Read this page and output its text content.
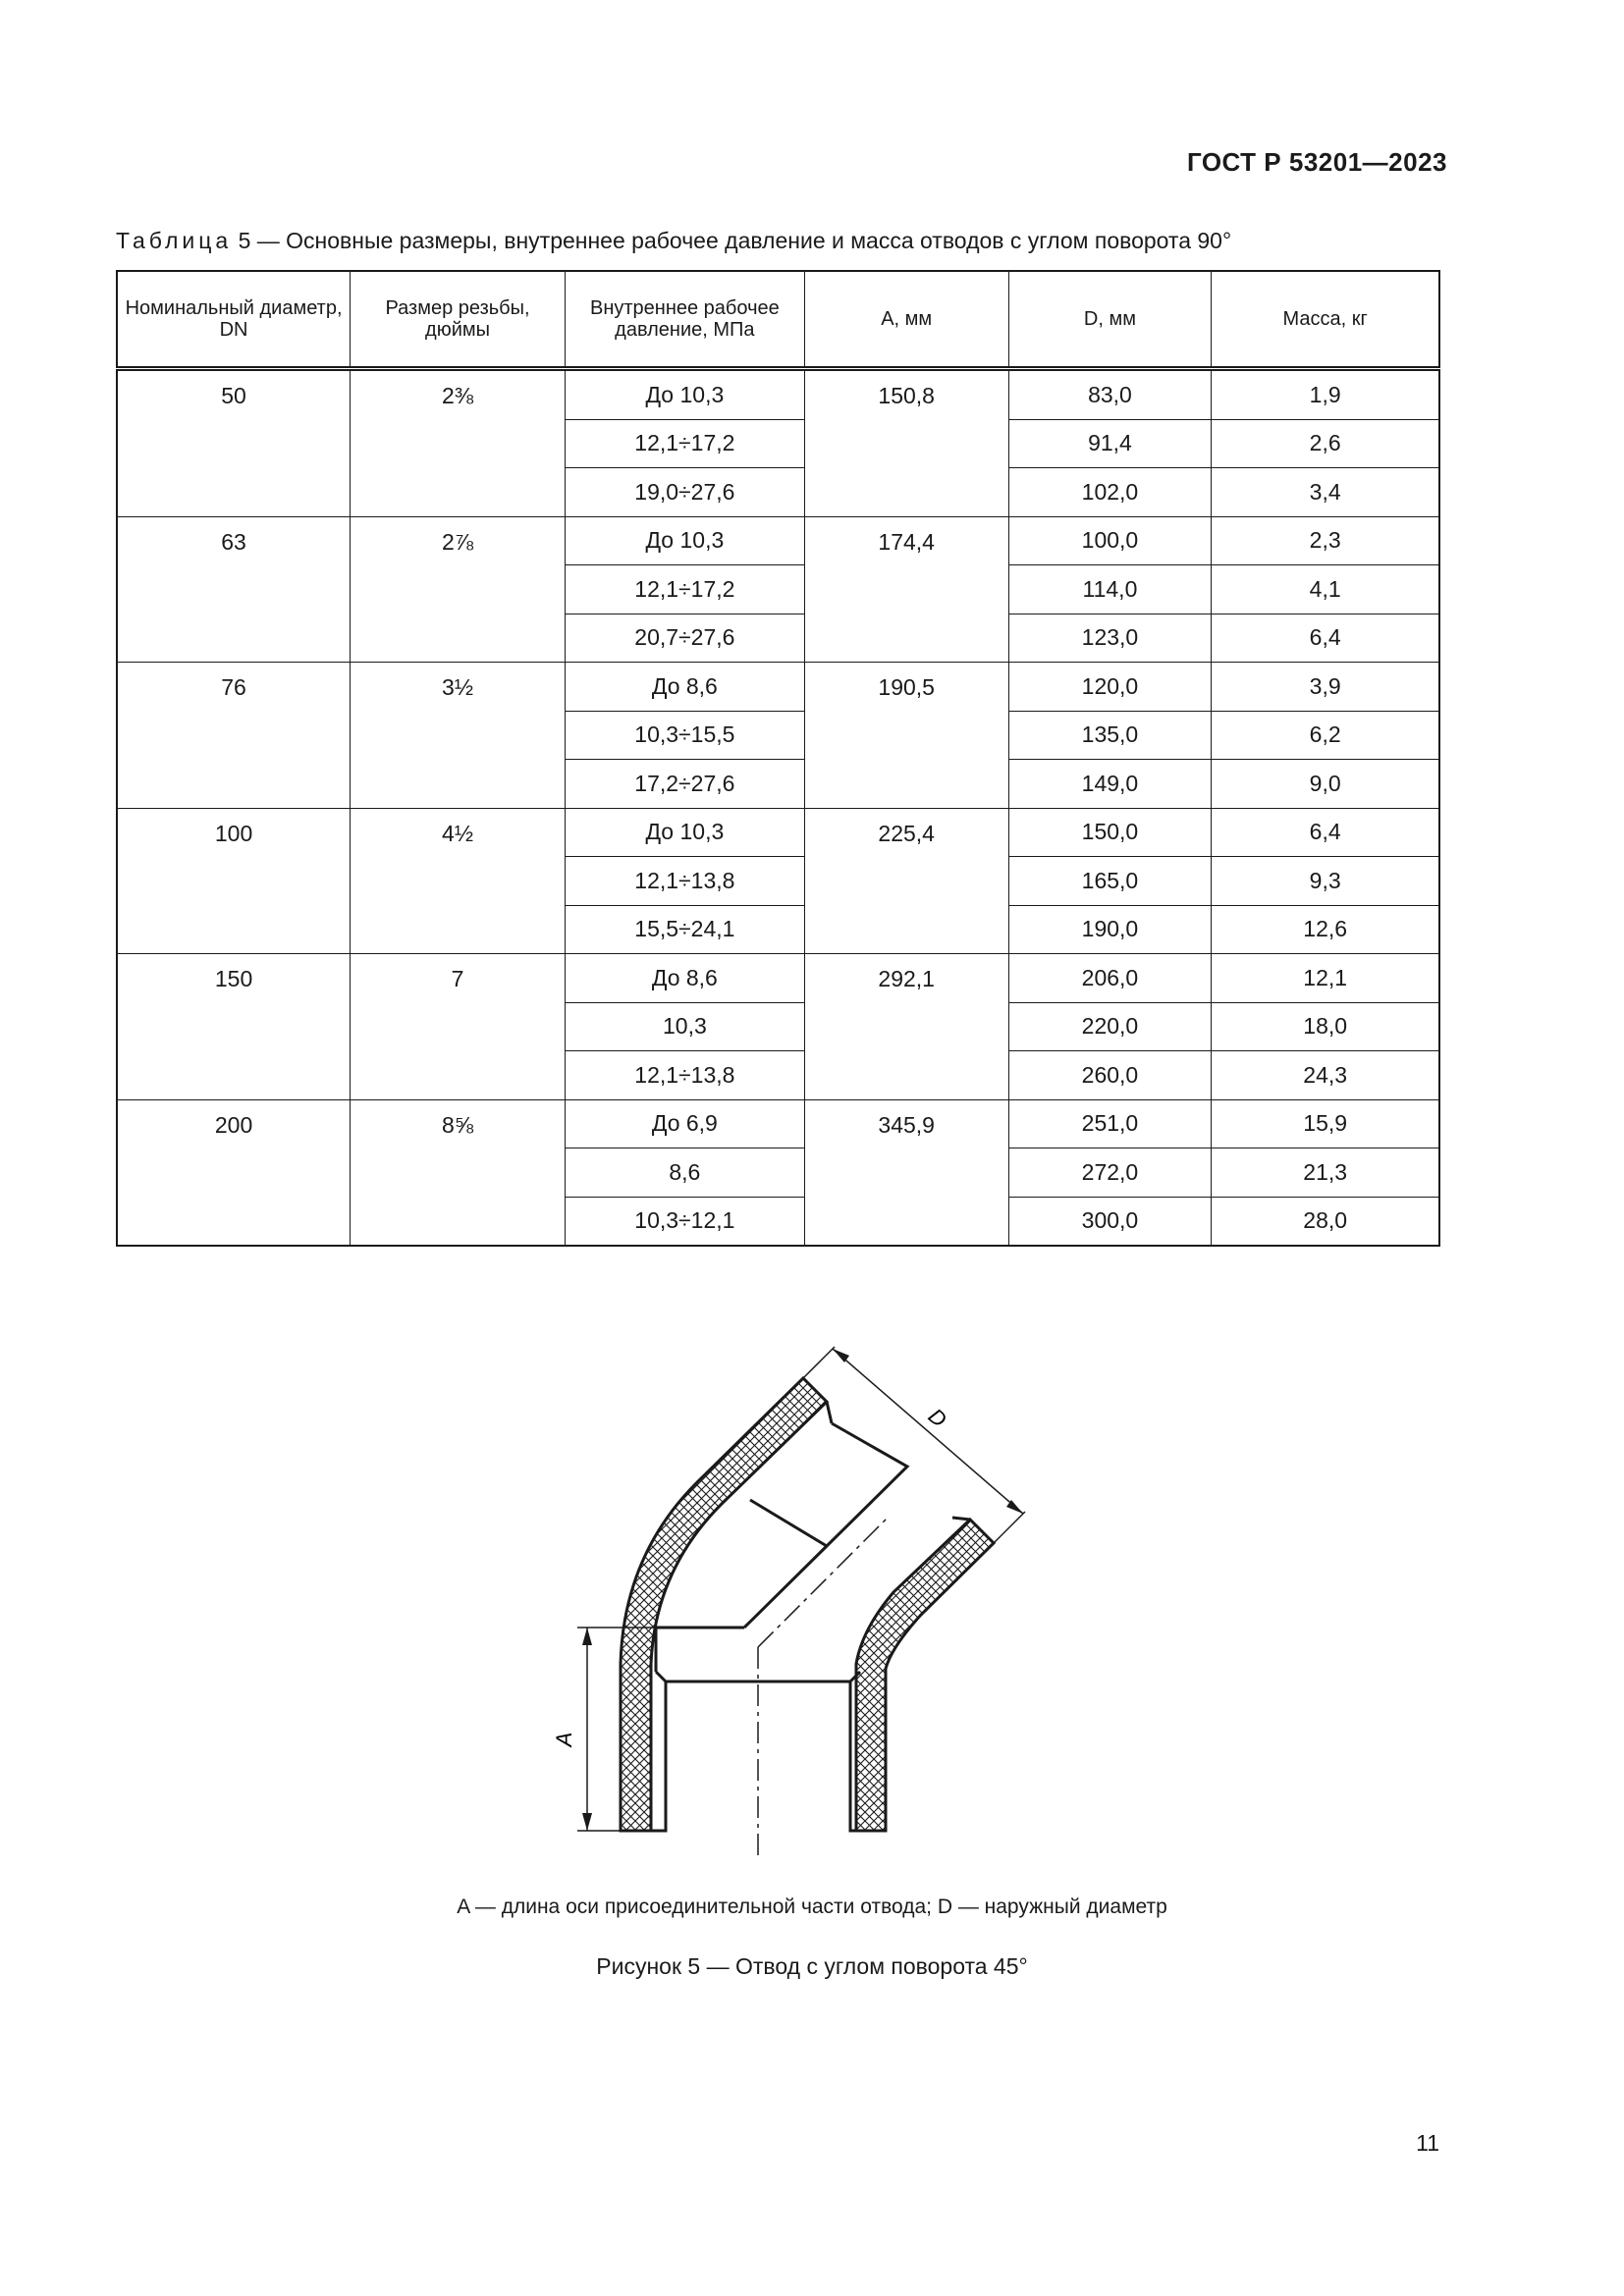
ГОСТ Р 53201—2023
Таблица 5 — Основные размеры, внутреннее рабочее давление и масса отводов с углом поворота 90°
Номинальный диаметр, DN	Размер резьбы, дюймы	Внутреннее рабочее давление, МПа	A, мм	D, мм	Масса, кг
50	2⅜	До 10,3	150,8	83,0	1,9
		12,1÷17,2		91,4	2,6
		19,0÷27,6		102,0	3,4
63	2⅞	До 10,3	174,4	100,0	2,3
		12,1÷17,2		114,0	4,1
		20,7÷27,6		123,0	6,4
76	3½	До 8,6	190,5	120,0	3,9
		10,3÷15,5		135,0	6,2
		17,2÷27,6		149,0	9,0
100	4½	До 10,3	225,4	150,0	6,4
		12,1÷13,8		165,0	9,3
		15,5÷24,1		190,0	12,6
150	7	До 8,6	292,1	206,0	12,1
		10,3		220,0	18,0
		12,1÷13,8		260,0	24,3
200	8⅝	До 6,9	345,9	251,0	15,9
		8,6		272,0	21,3
		10,3÷12,1		300,0	28,0
A
D
A — длина оси присоединительной части отвода; D — наружный диаметр
Рисунок 5 — Отвод с углом поворота 45°
11
